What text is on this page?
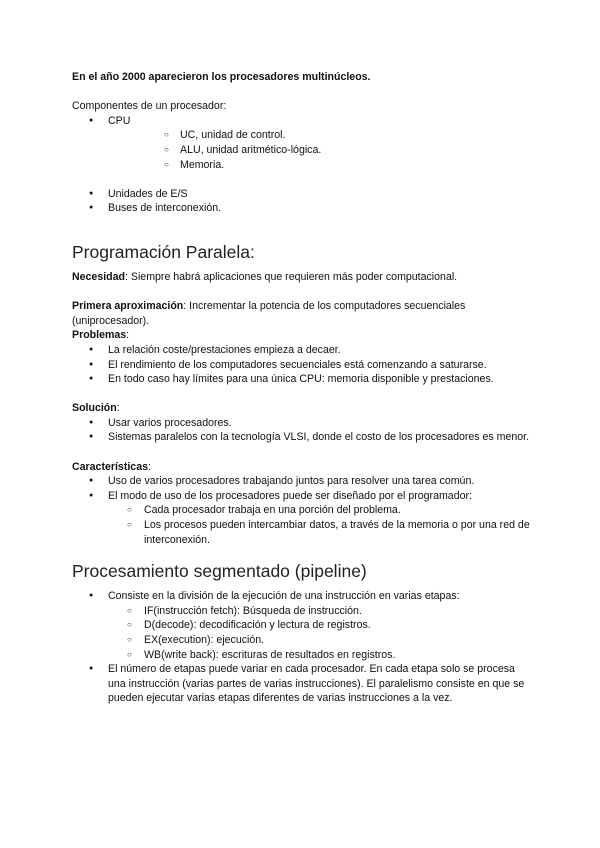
En el año 2000 aparecieron los procesadores multinúcleos.

Componentes de un procesador:

● CPU
○ UC, unidad de control.
○ ALU, unidad aritmético-lógica.
○ Memoria.
● Unidades de E/S
● Buses de interconexión.
Programación Paralela:

Necesidad: Siempre habrá aplicaciones que requieren más poder computacional.

Primera aproximación: Incrementar la potencia de los computadores secuenciales (uniprocesador).

Problemas:

● La relación coste/prestaciones empieza a decaer.
● El rendimiento de los computadores secuenciales está comenzando a saturarse.
● En todo caso hay límites para una única CPU: memoria disponible y prestaciones.

Solución:

● Usar varios procesadores.
● Sistemas paralelos con la tecnología VLSI, donde el costo de los procesadores es menor.

Características:

● Uso de varios procesadores trabajando juntos para resolver una tarea común.
● El modo de uso de los procesadores puede ser diseñado por el programador:
○ Cada procesador trabaja en una porción del problema.
○ Los procesos pueden intercambiar datos, a través de la memoria o por una red de interconexión.
Procesamiento segmentado (pipeline)
● Consiste en la división de la ejecución de una instrucción en varias etapas:
○ IF(instrucción fetch): Búsqueda de instrucción.
○ D(decode): decodificación y lectura de registros.
○ EX(execution): ejecución.
○ WB(write back): escrituras de resultados en registros.
● El número de etapas puede variar en cada procesador. En cada etapa solo se procesa una instrucción (varias partes de varias instrucciones). El paralelismo consiste en que se pueden ejecutar varias etapas diferentes de varias instrucciones a la vez.
